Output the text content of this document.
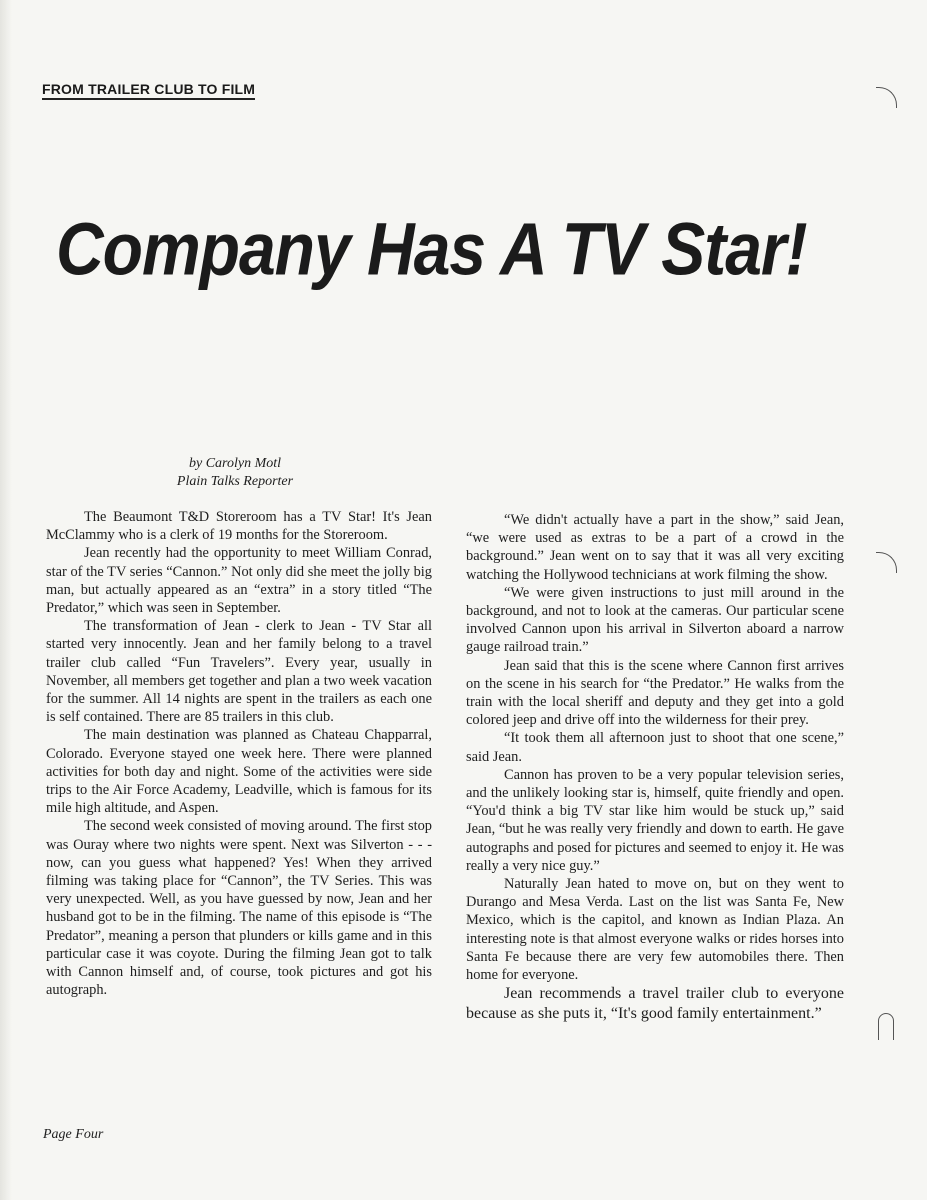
FROM TRAILER CLUB TO FILM
Company Has A TV Star!
by Carolyn Motl
Plain Talks Reporter

The Beaumont T&D Storeroom has a TV Star! It's Jean McClammy who is a clerk of 19 months for the Storeroom.

Jean recently had the opportunity to meet William Conrad, star of the TV series “Cannon.” Not only did she meet the jolly big man, but actually appeared as an “extra” in a story titled “The Predator,” which was seen in September.

The transformation of Jean - clerk to Jean - TV Star all started very innocently. Jean and her family belong to a travel trailer club called “Fun Travelers”. Every year, usually in November, all members get together and plan a two week vacation for the summer. All 14 nights are spent in the trailers as each one is self contained. There are 85 trailers in this club.

The main destination was planned as Chateau Chapparral, Colorado. Everyone stayed one week here. There were planned activities for both day and night. Some of the activities were side trips to the Air Force Academy, Leadville, which is famous for its mile high altitude, and Aspen.

The second week consisted of moving around. The first stop was Ouray where two nights were spent. Next was Silverton - - - now, can you guess what happened? Yes! When they arrived filming was taking place for “Cannon”, the TV Series. This was very unexpected. Well, as you have guessed by now, Jean and her husband got to be in the filming. The name of this episode is “The Predator”, meaning a person that plunders or kills game and in this particular case it was coyote. During the filming Jean got to talk with Cannon himself and, of course, took pictures and got his autograph.

“We didn't actually have a part in the show,” said Jean, “we were used as extras to be a part of a crowd in the background.” Jean went on to say that it was all very exciting watching the Hollywood technicians at work filming the show.

“We were given instructions to just mill around in the background, and not to look at the cameras. Our particular scene involved Cannon upon his arrival in Silverton aboard a narrow gauge railroad train.”

Jean said that this is the scene where Cannon first arrives on the scene in his search for “the Predator.” He walks from the train with the local sheriff and deputy and they get into a gold colored jeep and drive off into the wilderness for their prey.

“It took them all afternoon just to shoot that one scene,” said Jean.

Cannon has proven to be a very popular television series, and the unlikely looking star is, himself, quite friendly and open. “You'd think a big TV star like him would be stuck up,” said Jean, “but he was really very friendly and down to earth. He gave autographs and posed for pictures and seemed to enjoy it. He was really a very nice guy.”

Naturally Jean hated to move on, but on they went to Durango and Mesa Verda. Last on the list was Santa Fe, New Mexico, which is the capitol, and known as Indian Plaza. An interesting note is that almost everyone walks or rides horses into Santa Fe because there are very few automobiles there. Then home for everyone.

Jean recommends a travel trailer club to everyone because as she puts it, “It's good family entertainment.”

Page Four
